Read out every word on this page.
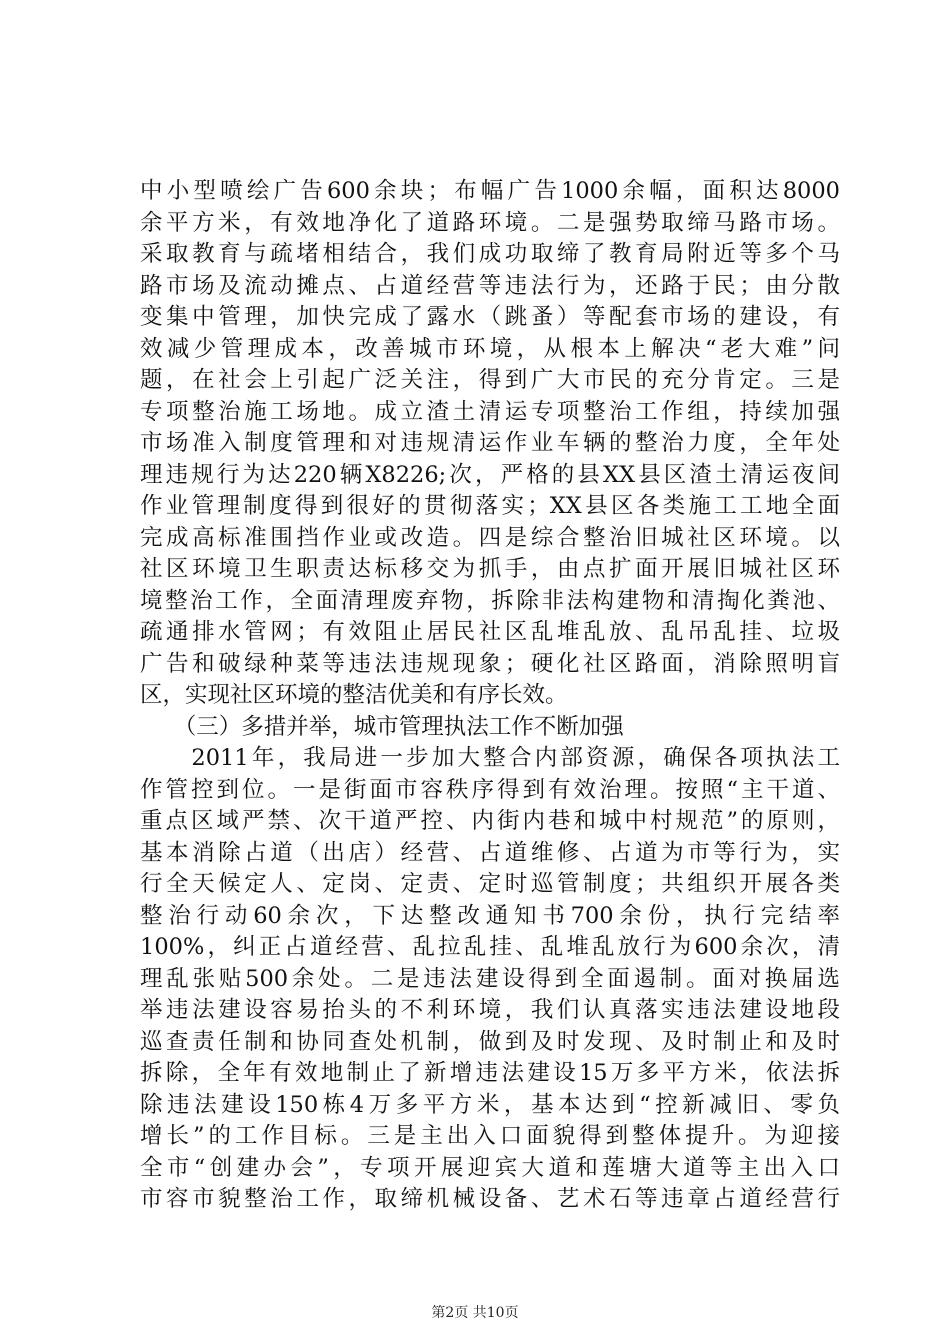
中小型喷绘广告600余块；布幅广告1000余幅，面积达8000
余平方米，有效地净化了道路环境。二是强势取缔马路市场。
采取教育与疏堵相结合，我们成功取缔了教育局附近等多个马
路市场及流动摊点、占道经营等违法行为，还路于民；由分散
变集中管理，加快完成了露水（跳蚤）等配套市场的建设，有
效减少管理成本，改善城市环境，从根本上解决“老大难”问
题，在社会上引起广泛关注，得到广大市民的充分肯定。三是
专项整治施工场地。成立渣土清运专项整治工作组，持续加强
市场准入制度管理和对违规清运作业车辆的整治力度，全年处
理违规行为达220辆X8226;次，严格的县XX县区渣土清运夜间
作业管理制度得到很好的贯彻落实；XX县区各类施工工地全面
完成高标准围挡作业或改造。四是综合整治旧城社区环境。以
社区环境卫生职责达标移交为抓手，由点扩面开展旧城社区环
境整治工作，全面清理废弃物，拆除非法构建物和清掏化粪池、
疏通排水管网；有效阻止居民社区乱堆乱放、乱吊乱挂、垃圾
广告和破绿种菜等违法违规现象；硬化社区路面，消除照明盲
区，实现社区环境的整洁优美和有序长效。
　　（三）多措并举，城市管理执法工作不断加强
　　2011年，我局进一步加大整合内部资源，确保各项执法工
作管控到位。一是街面市容秩序得到有效治理。按照“主干道、
重点区域严禁、次干道严控、内街内巷和城中村规范”的原则，
基本消除占道（出店）经营、占道维修、占道为市等行为，实
行全天候定人、定岗、定责、定时巡管制度；共组织开展各类
整治行动60余次，下达整改通知书700余份，执行完结率
100%，纠正占道经营、乱拉乱挂、乱堆乱放行为600余次，清
理乱张贴500余处。二是违法建设得到全面遏制。面对换届选
举违法建设容易抬头的不利环境，我们认真落实违法建设地段
巡查责任制和协同查处机制，做到及时发现、及时制止和及时
拆除，全年有效地制止了新增违法建设15万多平方米，依法拆
除违法建设150栋4万多平方米，基本达到“控新减旧、零负
增长”的工作目标。三是主出入口面貌得到整体提升。为迎接
全市“创建办会”，专项开展迎宾大道和莲塘大道等主出入口
市容市貌整治工作，取缔机械设备、艺术石等违章占道经营行
第2页 共10页
